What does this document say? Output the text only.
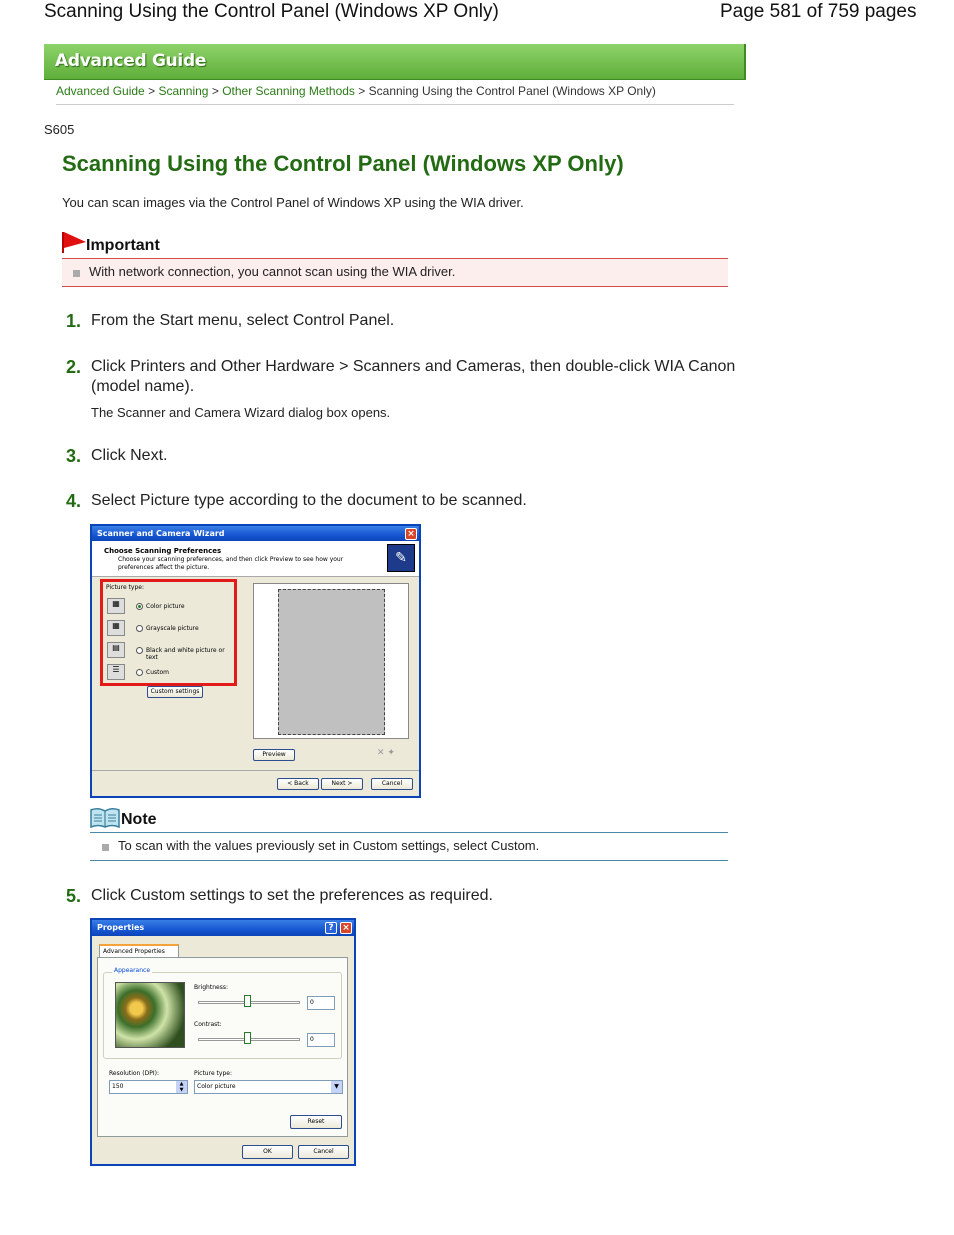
Scanning Using the Control Panel (Windows XP Only)	Page 581 of 759 pages
Advanced Guide
Advanced Guide > Scanning > Other Scanning Methods > Scanning Using the Control Panel (Windows XP Only)
S605
Scanning Using the Control Panel (Windows XP Only)
You can scan images via the Control Panel of Windows XP using the WIA driver.
Important
With network connection, you cannot scan using the WIA driver.
1. From the Start menu, select Control Panel.
2. Click Printers and Other Hardware > Scanners and Cameras, then double-click WIA Canon (model name).
The Scanner and Camera Wizard dialog box opens.
3. Click Next.
4. Select Picture type according to the document to be scanned.
Scanner and Camera Wizard	×
Choose Scanning Preferences
Choose your scanning preferences, and then click Preview to see how your preferences affect the picture.
✎
Picture type:
▦	Color picture
▦	Grayscale picture
▤	Black and white picture or text
☰	Custom
Custom settings
Preview	✕ ✦
< Back	Next >	Cancel
Note
To scan with the values previously set in Custom settings, select Custom.
5. Click Custom settings to set the preferences as required.
Properties	? ×
Advanced Properties
Appearance
Brightness:
0
Contrast:
0
Resolution (DPI):
150	▲
▼
Picture type:
Color picture	▼
Reset
OK	Cancel
